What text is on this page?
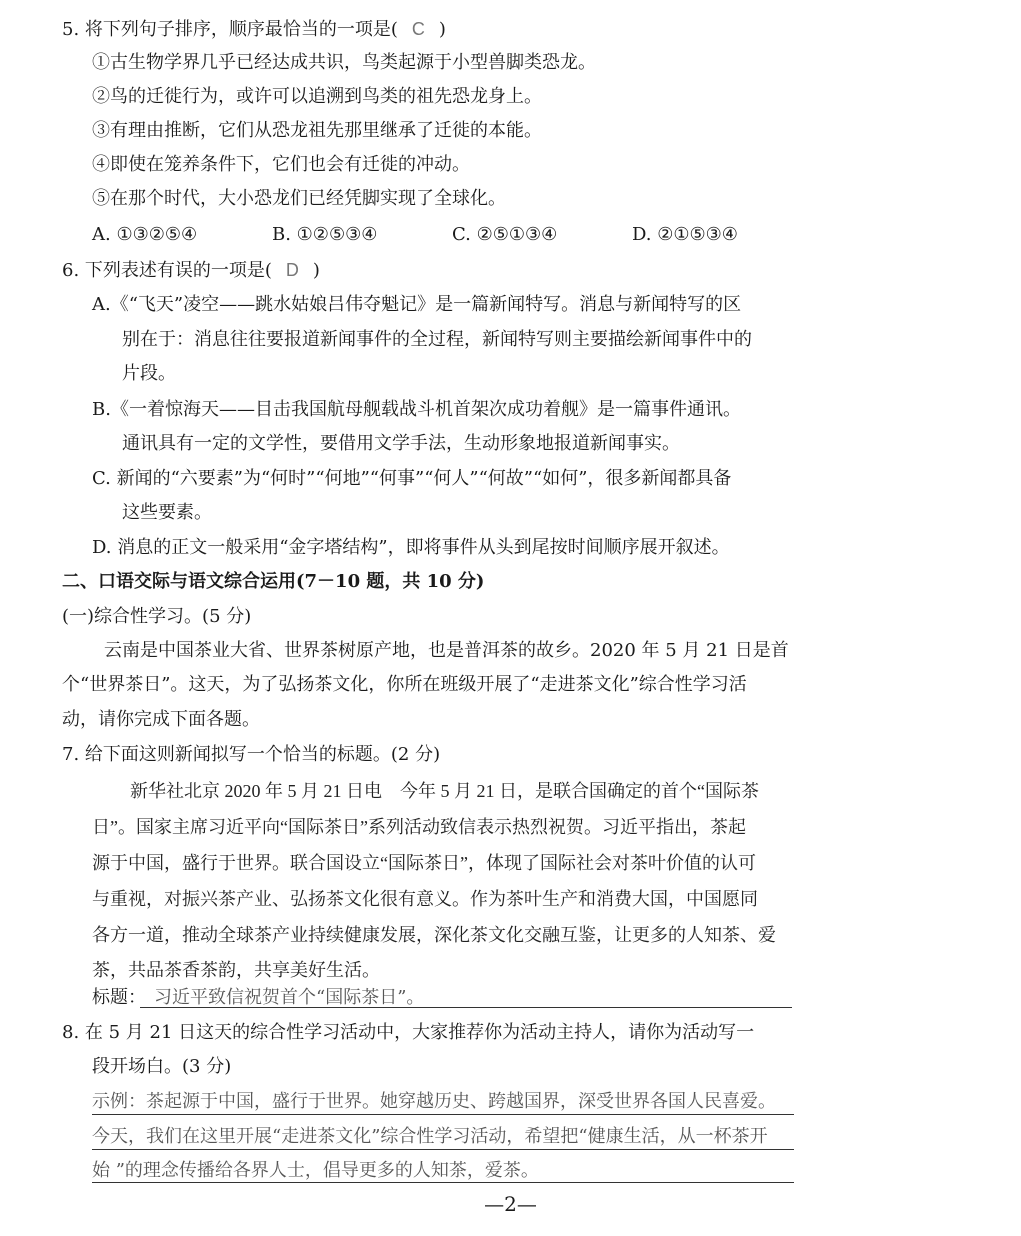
5. 将下列句子排序，顺序最恰当的一项是( C )
①古生物学界几乎已经达成共识，鸟类起源于小型兽脚类恐龙。
②鸟的迁徙行为，或许可以追溯到鸟类的祖先恐龙身上。
③有理由推断，它们从恐龙祖先那里继承了迁徙的本能。
④即使在笼养条件下，它们也会有迁徙的冲动。
⑤在那个时代，大小恐龙们已经凭脚实现了全球化。
A. ①③②⑤④	B. ①②⑤③④	C. ②⑤①③④	D. ②①⑤③④
6. 下列表述有误的一项是( D )
A.《“飞天”凌空——跳水姑娘吕伟夺魁记》是一篇新闻特写。消息与新闻特写的区
别在于：消息往往要报道新闻事件的全过程，新闻特写则主要描绘新闻事件中的
片段。
B.《一着惊海天——目击我国航母舰载战斗机首架次成功着舰》是一篇事件通讯。
通讯具有一定的文学性，要借用文学手法，生动形象地报道新闻事实。
C. 新闻的“六要素”为“何时”“何地”“何事”“何人”“何故”“如何”，很多新闻都具备
这些要素。
D. 消息的正文一般采用“金字塔结构”，即将事件从头到尾按时间顺序展开叙述。
二、口语交际与语文综合运用(7－10 题，共 10 分)
(一)综合性学习。(5 分)
云南是中国茶业大省、世界茶树原产地，也是普洱茶的故乡。2020 年 5 月 21 日是首
个“世界茶日”。这天，为了弘扬茶文化，你所在班级开展了“走进茶文化”综合性学习活
动，请你完成下面各题。
7. 给下面这则新闻拟写一个恰当的标题。(2 分)
新华社北京 2020 年 5 月 21 日电　今年 5 月 21 日，是联合国确定的首个“国际茶
日”。国家主席习近平向“国际茶日”系列活动致信表示热烈祝贺。习近平指出，茶起
源于中国，盛行于世界。联合国设立“国际茶日”，体现了国际社会对茶叶价值的认可
与重视，对振兴茶产业、弘扬茶文化很有意义。作为茶叶生产和消费大国，中国愿同
各方一道，推动全球茶产业持续健康发展，深化茶文化交融互鉴，让更多的人知茶、爱
茶，共品茶香茶韵，共享美好生活。
标题： 习近平致信祝贺首个“国际茶日”。
8. 在 5 月 21 日这天的综合性学习活动中，大家推荐你为活动主持人，请你为活动写一
段开场白。(3 分)
示例：茶起源于中国，盛行于世界。她穿越历史、跨越国界，深受世界各国人民喜爱。
今天，我们在这里开展“走进茶文化”综合性学习活动，希望把“健康生活，从一杯茶开
始 ”的理念传播给各界人士，倡导更多的人知茶，爱茶。
—2—
